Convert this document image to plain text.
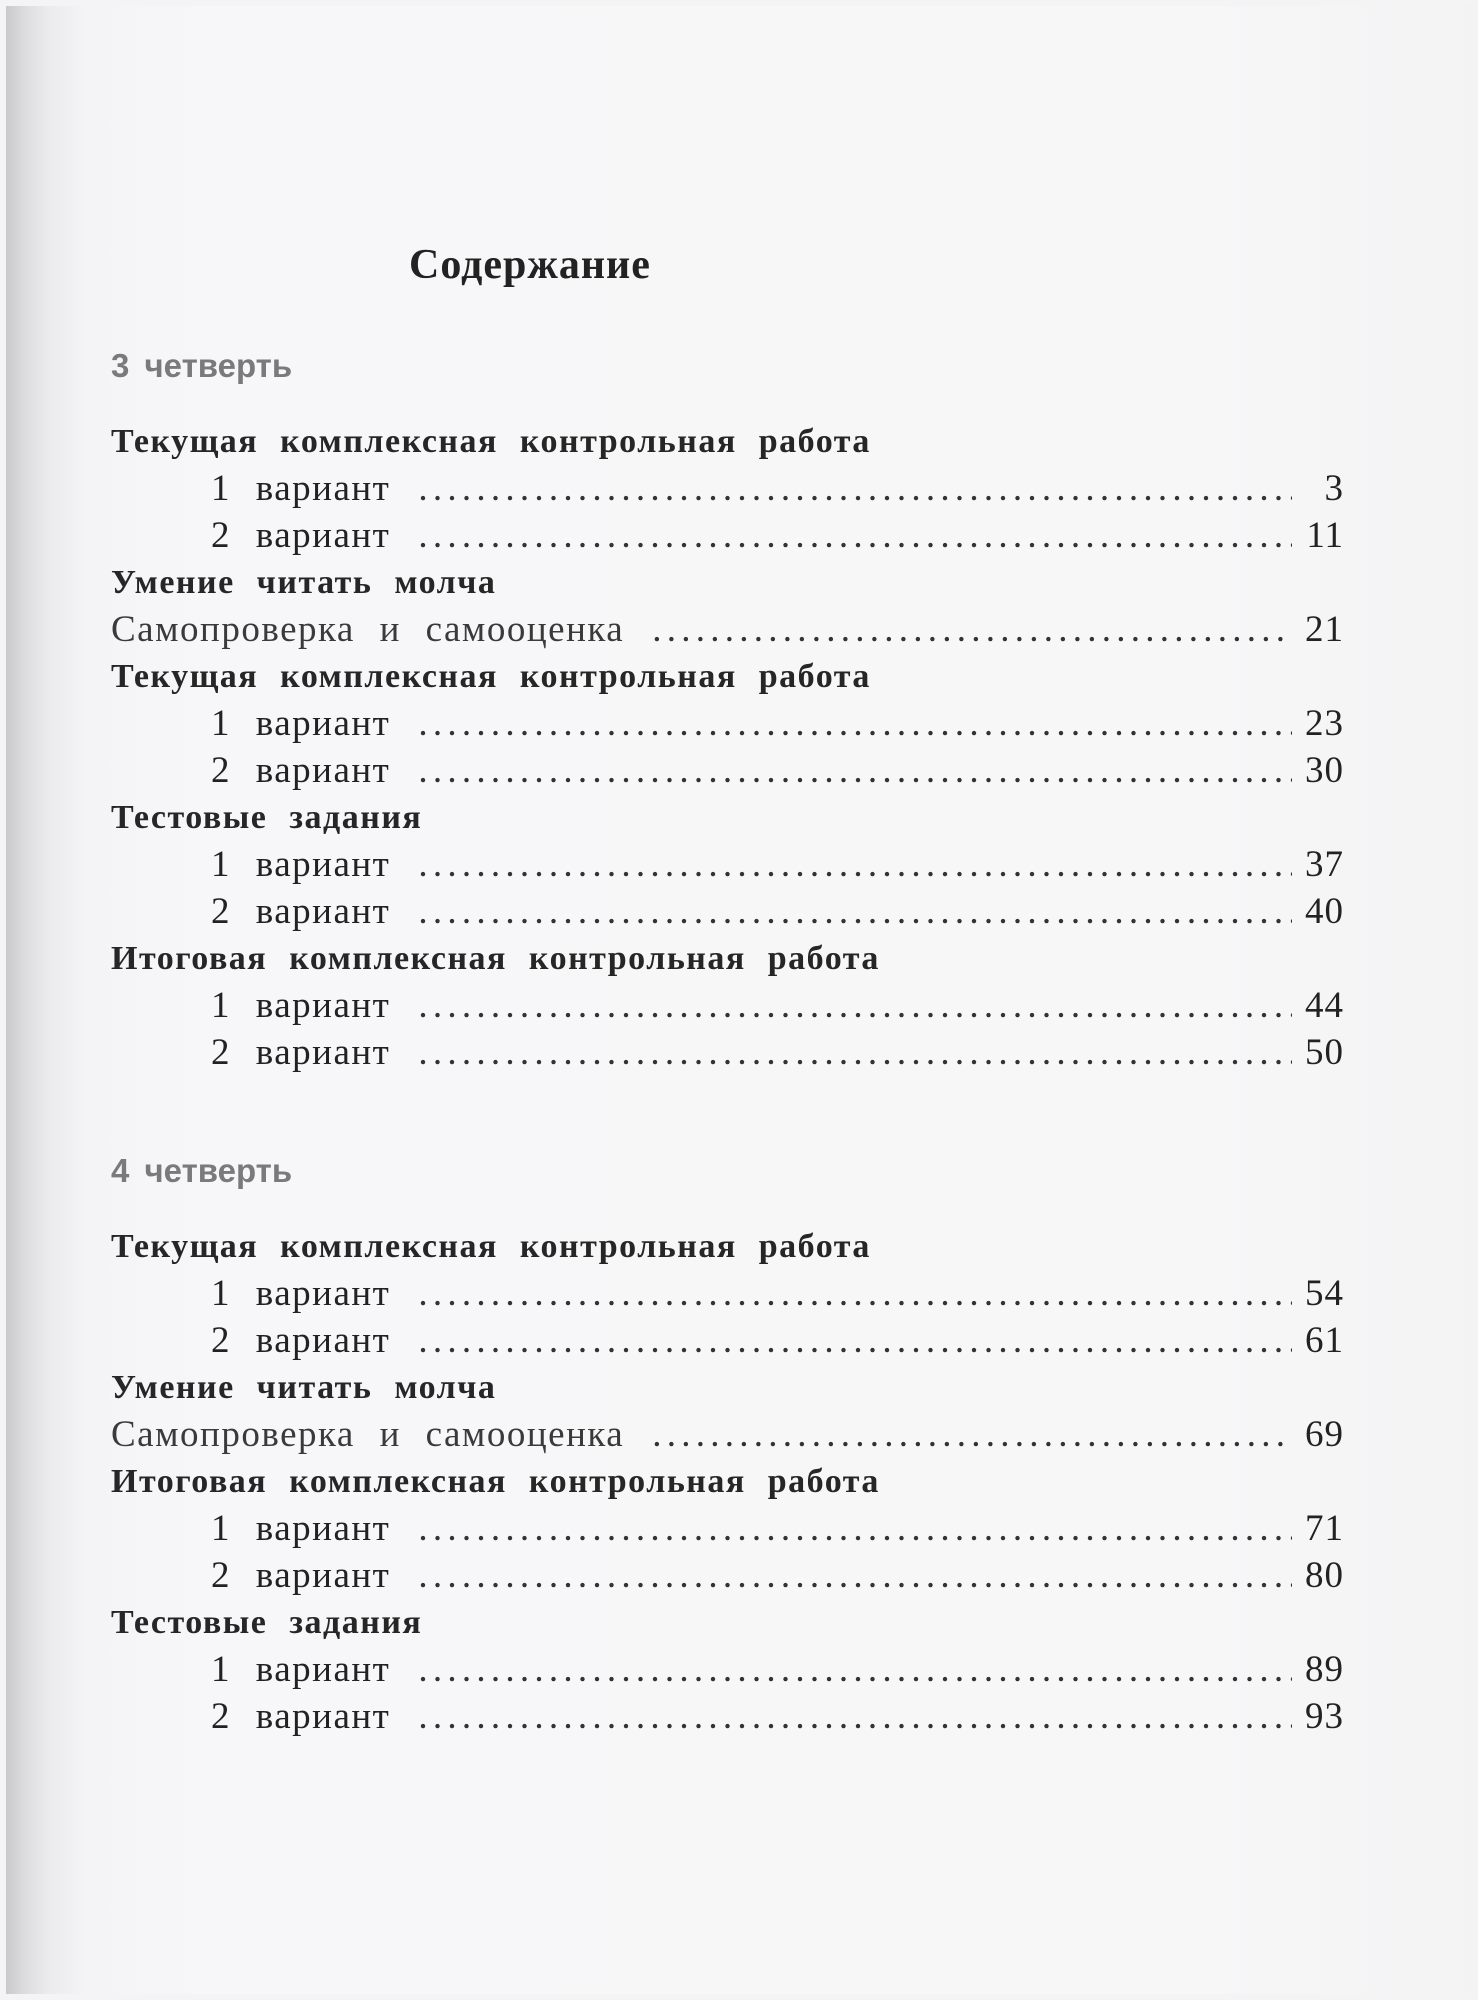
Содержание
3 четверть
Текущая комплексная контрольная работа
1 вариант . . .	3
2 вариант . . .	11
Умение читать молча
Самопроверка и самооценка . . .	21
Текущая комплексная контрольная работа
1 вариант . . .	23
2 вариант . . .	30
Тестовые задания
1 вариант . . .	37
2 вариант . . .	40
Итоговая комплексная контрольная работа
1 вариант . . .	44
2 вариант . . .	50
4 четверть
Текущая комплексная контрольная работа
1 вариант . . .	54
2 вариант . . .	61
Умение читать молча
Самопроверка и самооценка . . .	69
Итоговая комплексная контрольная работа
1 вариант . . .	71
2 вариант . . .	80
Тестовые задания
1 вариант . . .	89
2 вариант . . .	93
